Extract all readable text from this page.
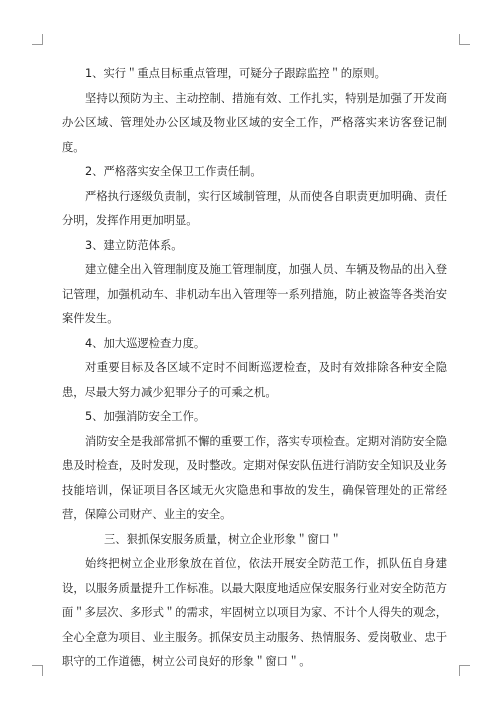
1、实行＂重点目标重点管理，可疑分子跟踪监控＂的原则。

坚持以预防为主、主动控制、措施有效、工作扎实，特别是加强了开发商办公区域、管理处办公区域及物业区域的安全工作，严格落实来访客登记制度。

2、严格落实安全保卫工作责任制。

严格执行逐级负责制，实行区域制管理，从而使各自职责更加明确、责任分明，发挥作用更加明显。

3、建立防范体系。

建立健全出入管理制度及施工管理制度，加强人员、车辆及物品的出入登记管理，加强机动车、非机动车出入管理等一系列措施，防止被盗等各类治安案件发生。

4、加大巡逻检查力度。

对重要目标及各区域不定时不间断巡逻检查，及时有效排除各种安全隐患，尽最大努力减少犯罪分子的可乘之机。

5、加强消防安全工作。

消防安全是我部常抓不懈的重要工作，落实专项检查。定期对消防安全隐患及时检查，及时发现，及时整改。定期对保安队伍进行消防安全知识及业务技能培训，保证项目各区域无火灾隐患和事故的发生，确保管理处的正常经营，保障公司财产、业主的安全。

三、狠抓保安服务质量，树立企业形象＂窗口＂

始终把树立企业形象放在首位，依法开展安全防范工作，抓队伍自身建设，以服务质量提升工作标准。以最大限度地适应保安服务行业对安全防范方面＂多层次、多形式＂的需求，牢固树立以项目为家、不计个人得失的观念，全心全意为项目、业主服务。抓保安员主动服务、热情服务、爱岗敬业、忠于职守的工作道德，树立公司良好的形象＂窗口＂。
